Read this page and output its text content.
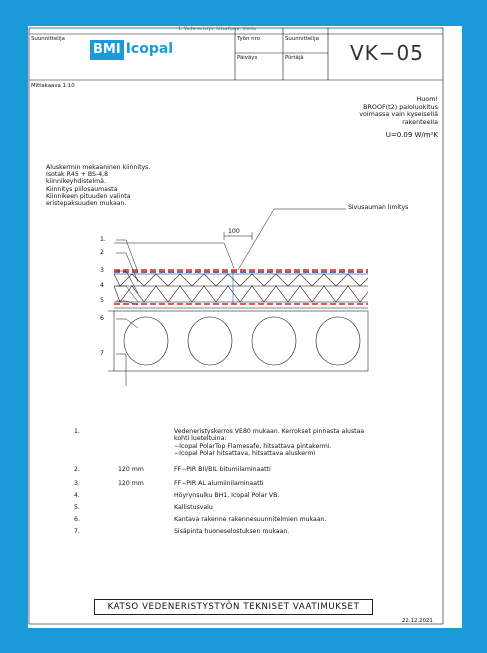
Suunnittelija	Työn nro	Suunnittelija
Päiväys	Piirtäjä
1. Vedeneristys, hitsattava, Vierto
BMI Icopal	VK−05
Mittakaava 1:10
Huom!
BROOF(t2) paloluokitus
voimassa vain kyseisellä
rakenteella
U=0.09 W/m²K
Aluskermin mekaaninen kiinnitys.
Isotak R45 + BS-4,8
kiinnikeyhdistelmä.
Kiinnitys piilosaumasta
Kiinnikeen pituuden valinta
eristepaksuuden mukaan.
Sivusauman limitys
100
1.
2
3
4
5
6
7
1.	Vedeneristyskerros VE80 mukaan. Kerrokset pinnasta alustaa
kohti lueteltuina:
−Icopal PolarTop Flamesafe, hitsattava pintakermi.
−Icopal Polar hitsattava, hitsattava aluskermi
2.	120 mm	FF−PIR BII/BIL bitumilaminaatti
3.	120 mm	FF−PIR AL alumiinilaminaatti
4.	Höyrynsulku BH1, Icopal Polar VB.
5.	Kallistusvalu
6.	Kantava rakenne rakennesuunnitelmien mukaan.
7.	Sisäpinta huoneselostuksen mukaan.
KATSO VEDENERISTYSTYÖN TEKNISET VAATIMUKSET
22.12.2021
